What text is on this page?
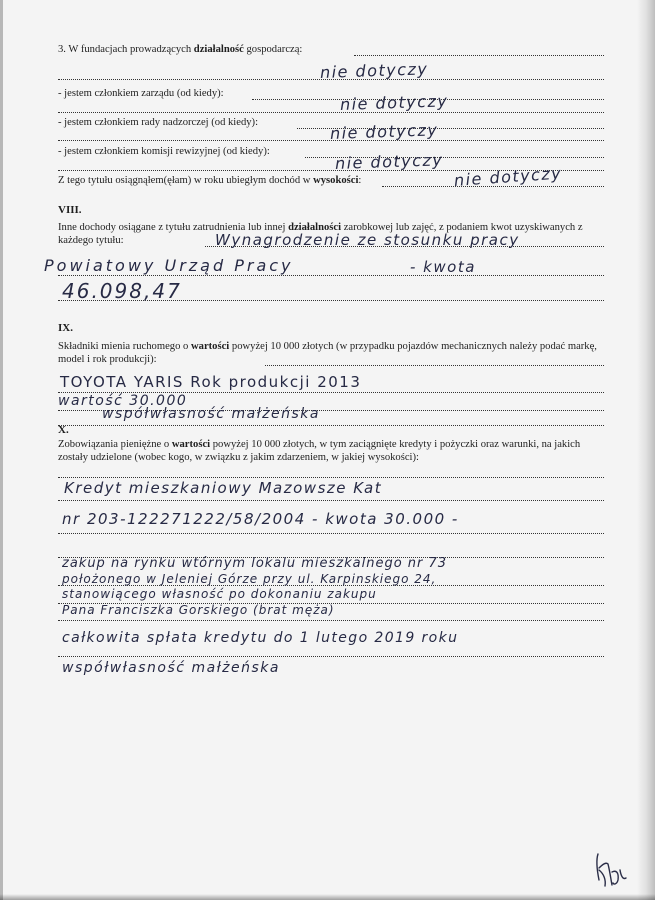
3. W fundacjach prowadzących działalność gospodarczą:
nie dotyczy
- jestem członkiem zarządu (od kiedy):	nie dotyczy
- jestem członkiem rady nadzorczej (od kiedy):	nie dotyczy
- jestem członkiem komisji rewizyjnej (od kiedy):	nie dotyczy
Z tego tytułu osiągnąłem(ęłam) w roku ubiegłym dochód w wysokości:	nie dotyczy
VIII.
Inne dochody osiągane z tytułu zatrudnienia lub innej działalności zarobkowej lub zajęć, z podaniem kwot uzyskiwanych z każdego tytułu:	Wynagrodzenie ze stosunku pracy
Powiatowy Urząd Pracy	- kwota
46.098,47
IX.
Składniki mienia ruchomego o wartości powyżej 10 000 złotych (w przypadku pojazdów mechanicznych należy podać markę, model i rok produkcji):
TOYOTA YARIS Rok produkcji 2013
wartość 30.000
współwłasność małżeńska
X.
Zobowiązania pieniężne o wartości powyżej 10 000 złotych, w tym zaciągnięte kredyty i pożyczki oraz warunki, na jakich zostały udzielone (wobec kogo, w związku z jakim zdarzeniem, w jakiej wysokości):
Kredyt mieszkaniowy Mazowsze Kat
nr 203-122271222/58/2004 - kwota 30.000 -
zakup na rynku wtórnym lokalu mieszkalnego nr 73
położonego w Jeleniej Górze przy ul. Karpinskiego 24,
stanowiącego własność po dokonaniu zakupu
Pana Franciszka Gorskiego (brat męża)
całkowita spłata kredytu do 1 lutego 2019 roku
współwłasność małżeńska
